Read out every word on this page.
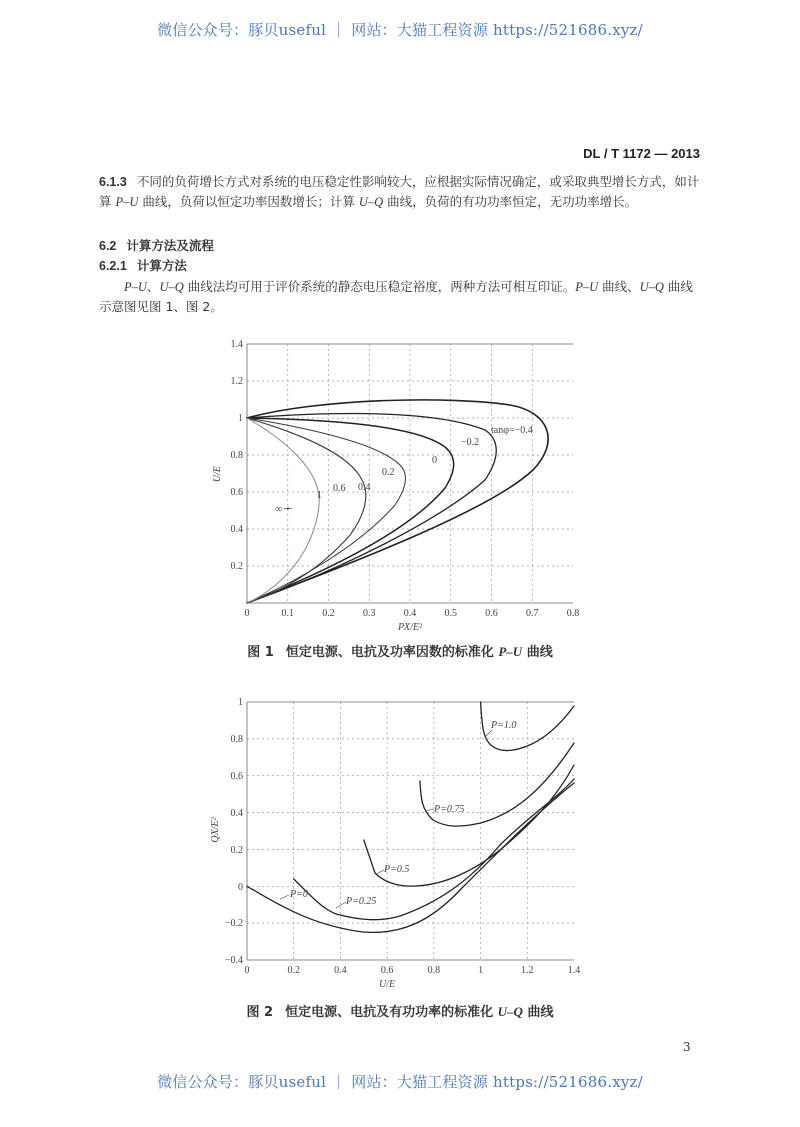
微信公众号：豚贝useful ｜ 网站：大猫工程资源 https://521686.xyz/
DL / T 1172 — 2013
6.1.3 不同的负荷增长方式对系统的电压稳定性影响较大，应根据实际情况确定，或采取典型增长方式，如计算 P–U 曲线，负荷以恒定功率因数增长；计算 U–Q 曲线，负荷的有功功率恒定，无功功率增长。
6.2 计算方法及流程
6.2.1 计算方法
P–U、U–Q 曲线法均可用于评价系统的静态电压稳定裕度，两种方法可相互印证。P–U 曲线、U–Q 曲线示意图见图 1、图 2。
tanφ=−0.4
−0.2
0
0.2
0.4
0.6
1
∞
1.4
1.2
1
0.8
0.6
0.4
0.2
0	0.1	0.2	0.3	0.4	0.5	0.6	0.7	0.8
PX/E²
U/E
图 1 恒定电源、电抗及功率因数的标准化 P–U 曲线
P=1.0
P=0.75
P=0.5
P=0.25
P=0
1
0.8
0.6
0.4
0.2
0
−0.2
−0.4
0	0.2	0.4	0.6	0.8	1	1.2	1.4
U/E
QX/E²
图 2 恒定电源、电抗及有功功率的标准化 U–Q 曲线
3
微信公众号：豚贝useful ｜ 网站：大猫工程资源 https://521686.xyz/
